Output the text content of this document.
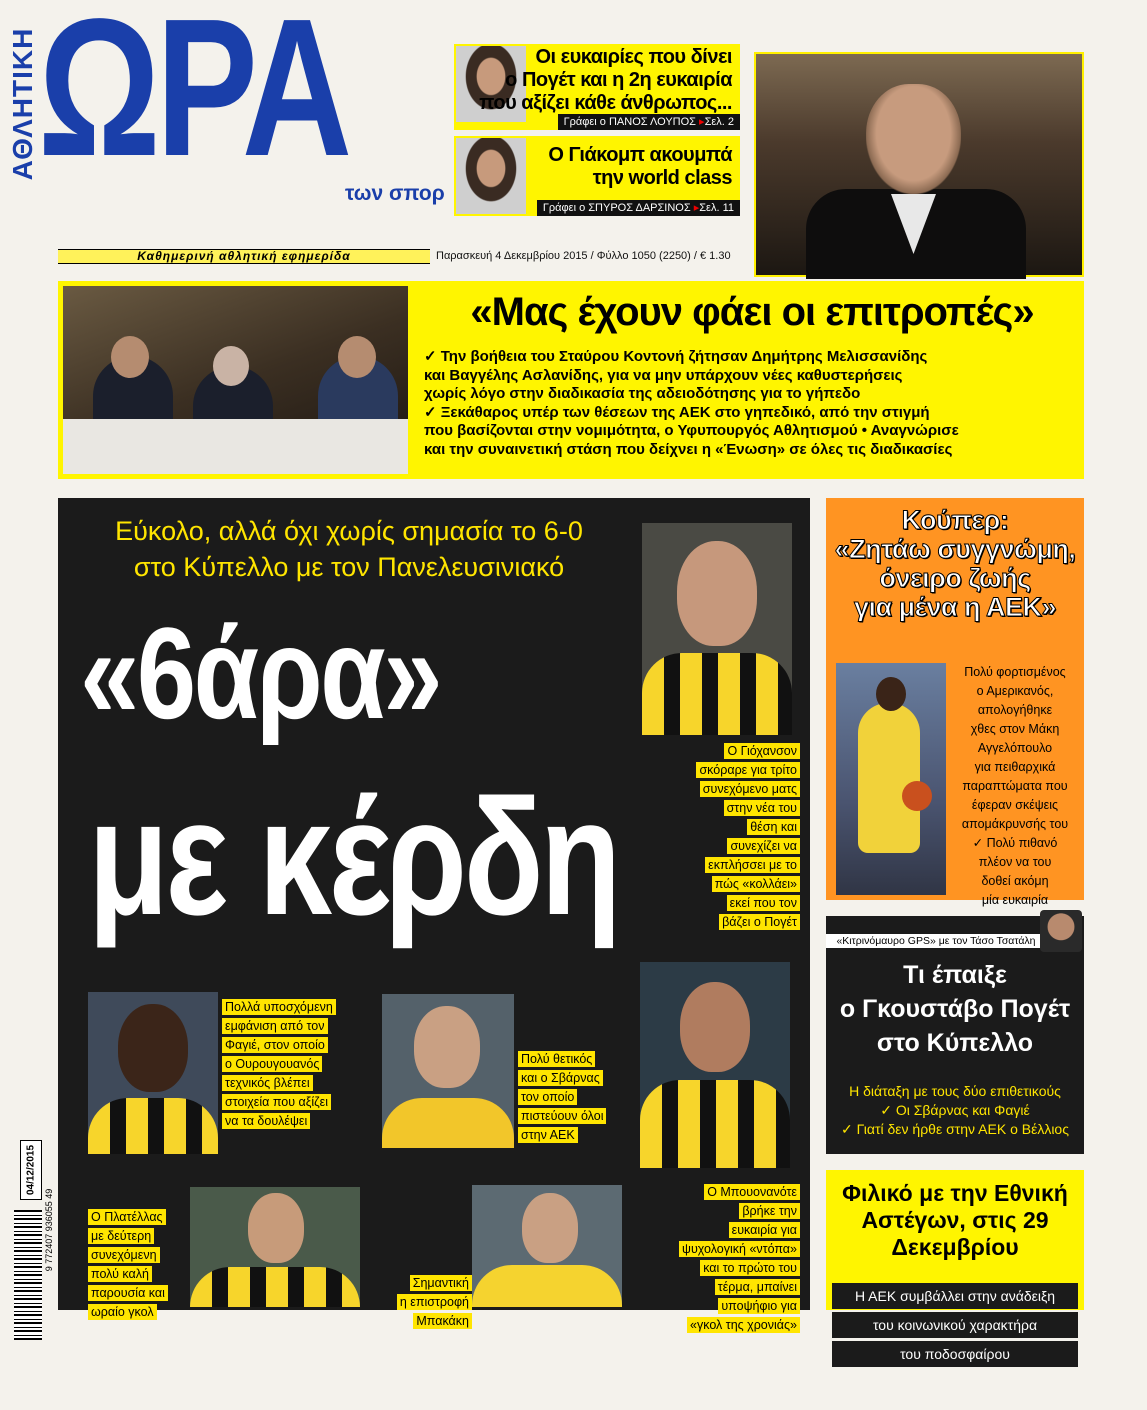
ΑΘΛΗΤΙΚΗ ΩΡΑ
των σπορ
Καθημερινή αθλητική εφημερίδα	Παρασκευή 4 Δεκεμβρίου 2015 / Φύλλο 1050 (2250) / € 1.30
Οι ευκαιρίες που δίνει
ο Πογέτ και η 2η ευκαιρία
που αξίζει κάθε άνθρωπος...
Γράφει ο ΠΑΝΟΣ ΛΟΥΠΟΣ ▸Σελ. 2
Ο Γιάκομπ ακουμπά
την world class
Γράφει ο ΣΠΥΡΟΣ ΔΑΡΣΙΝΟΣ ▸Σελ. 11
«Μας έχουν φάει οι επιτροπές»
✓ Την βοήθεια του Σταύρου Κοντονή ζήτησαν Δημήτρης Μελισσανίδης
και Βαγγέλης Ασλανίδης, για να μην υπάρχουν νέες καθυστερήσεις
χωρίς λόγο στην διαδικασία της αδειοδότησης για το γήπεδο
✓ Ξεκάθαρος υπέρ των θέσεων της ΑΕΚ στο γηπεδικό, από την στιγμή
που βασίζονται στην νομιμότητα, ο Υφυπουργός Αθλητισμού • Αναγνώρισε
και την συναινετική στάση που δείχνει η «Ένωση» σε όλες τις διαδικασίες
Εύκολο, αλλά όχι χωρίς σημασία το 6-0
στο Κύπελλο με τον Πανελευσινιακό
«6άρα»
με κέρδη
Ο Γιόχανσον
σκόραρε για τρίτο
συνεχόμενο ματς
στην νέα του
θέση και
συνεχίζει να
εκπλήσσει με το
πώς «κολλάει»
εκεί που τον
βάζει ο Πογέτ
Πολλά υποσχόμενη
εμφάνιση από τον
Φαγιέ, στον οποίο
ο Ουρουγουανός
τεχνικός βλέπει
στοιχεία που αξίζει
να τα δουλέψει
Πολύ θετικός
και ο Σβάρνας
τον οποίο
πιστεύουν όλοι
στην ΑΕΚ
Ο Πλατέλλας
με δεύτερη
συνεχόμενη
πολύ καλή
παρουσία και
ωραίο γκολ
Σημαντική
η επιστροφή
Μπακάκη
Ο Μπουονανότε
βρήκε την
ευκαιρία για
ψυχολογική «ντόπα»
και το πρώτο του
τέρμα, μπαίνει
υποψήφιο για
«γκολ της χρονιάς»
Κούπερ:
«Ζητάω συγγνώμη,
όνειρο ζωής
για μένα η ΑΕΚ»
Πολύ φορτισμένος
ο Αμερικανός,
απολογήθηκε
χθες στον Μάκη
Αγγελόπουλο
για πειθαρχικά
παραπτώματα που
έφεραν σκέψεις
απομάκρυνσής του
✓ Πολύ πιθανό
πλέον να του
δοθεί ακόμη
μία ευκαιρία
«Κιτρινόμαυρο GPS» με τον Τάσο Τσατάλη
Τι έπαιξε
ο Γκουστάβο Πογέτ
στο Κύπελλο
Η διάταξη με τους δύο επιθετικούς
✓ Οι Σβάρνας και Φαγιέ
✓ Γιατί δεν ήρθε στην ΑΕΚ ο Βέλλιος
Φιλικό με την Εθνική
Αστέγων, στις 29
Δεκεμβρίου
Η ΑΕΚ συμβάλλει στην ανάδειξη
του κοινωνικού χαρακτήρα
του ποδοσφαίρου
04/12/2015
9 772407 936055 49
